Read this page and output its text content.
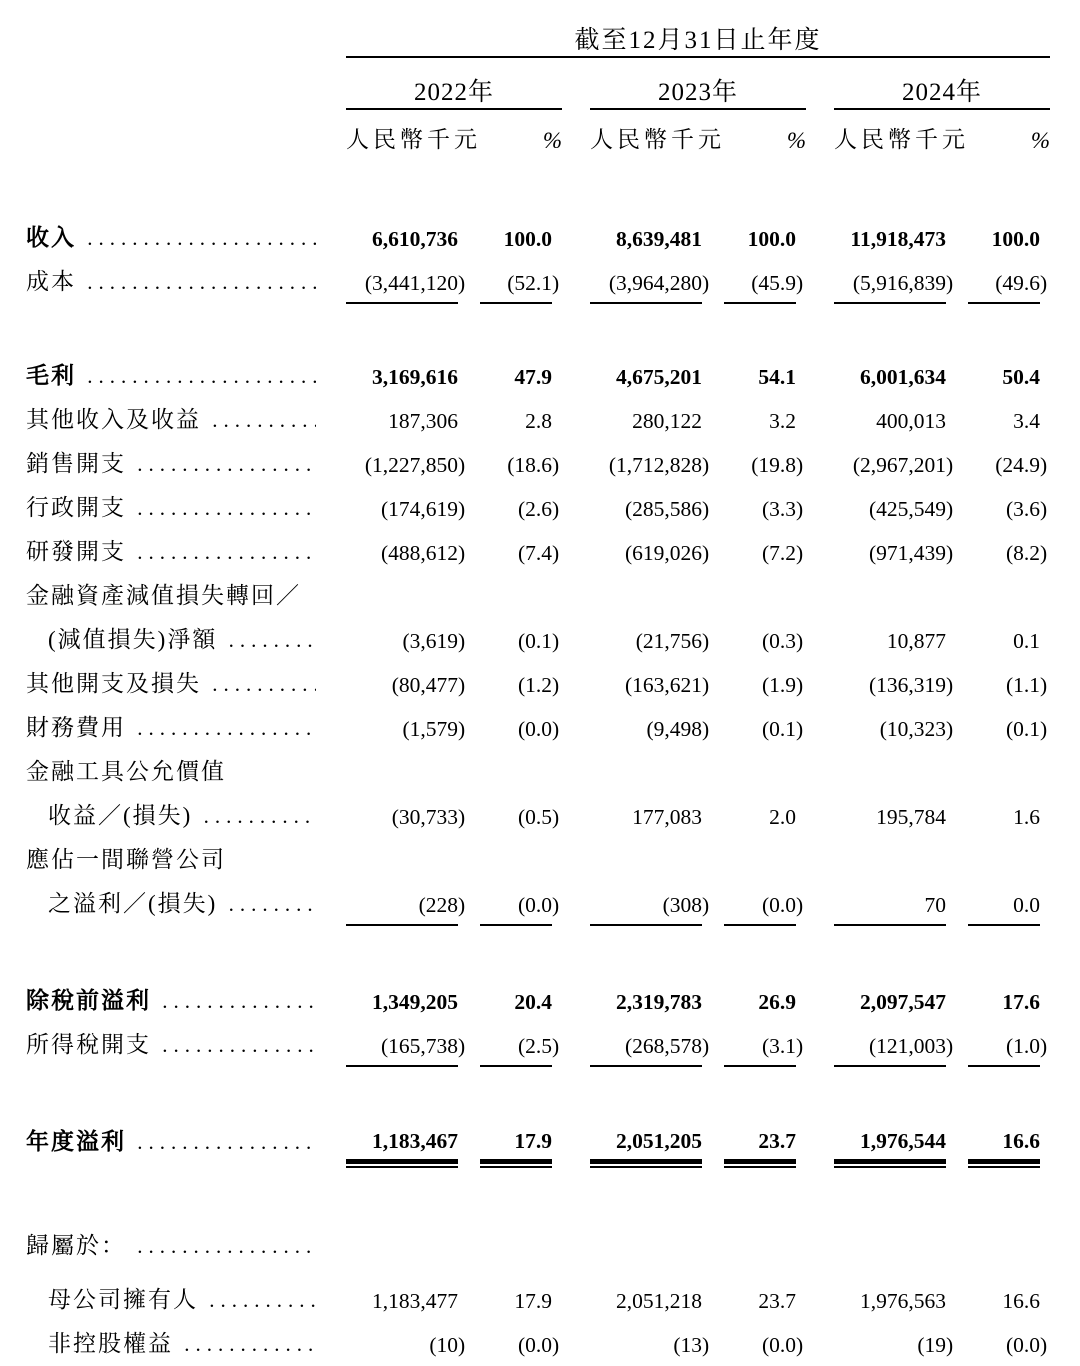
	截至12月31日止年度							
	2022年			2023年			2024年	
	人民幣千元	%		人民幣千元	%		人民幣千元	%

收入 .....	6,610,736	100.0		8,639,481	100.0		11,918,473	100.0

成本 .....	(3,441,120)	(52.1)		(3,964,280)	(45.9)		(5,916,839)	(49.6)

毛利 .....	3,169,616	47.9		4,675,201	54.1		6,001,634	50.4

其他收入及收益 .....	187,306	2.8		280,122	3.2		400,013	3.4

銷售開支 .....	(1,227,850)	(18.6)		(1,712,828)	(19.8)		(2,967,201)	(24.9)

行政開支 .....	(174,619)	(2.6)		(285,586)	(3.3)		(425,549)	(3.6)

研發開支 .....	(488,612)	(7.4)		(619,026)	(7.2)		(971,439)	(8.2)

金融資產減值損失轉回／								

(減值損失)淨額 .....	(3,619)	(0.1)		(21,756)	(0.3)		10,877	0.1

其他開支及損失 .....	(80,477)	(1.2)		(163,621)	(1.9)		(136,319)	(1.1)

財務費用 .....	(1,579)	(0.0)		(9,498)	(0.1)		(10,323)	(0.1)

金融工具公允價值								

收益／(損失) .....	(30,733)	(0.5)		177,083	2.0		195,784	1.6

應佔一間聯營公司								

之溢利／(損失) .....	(228)	(0.0)		(308)	(0.0)		70	0.0

除稅前溢利 .....	1,349,205	20.4		2,319,783	26.9		2,097,547	17.6

所得稅開支 .....	(165,738)	(2.5)		(268,578)	(3.1)		(121,003)	(1.0)

年度溢利 .....	1,183,467	17.9		2,051,205	23.7		1,976,544	16.6

歸屬於： .....

母公司擁有人 .....	1,183,477	17.9		2,051,218	23.7		1,976,563	16.6

非控股權益 .....	(10)	(0.0)		(13)	(0.0)		(19)	(0.0)
